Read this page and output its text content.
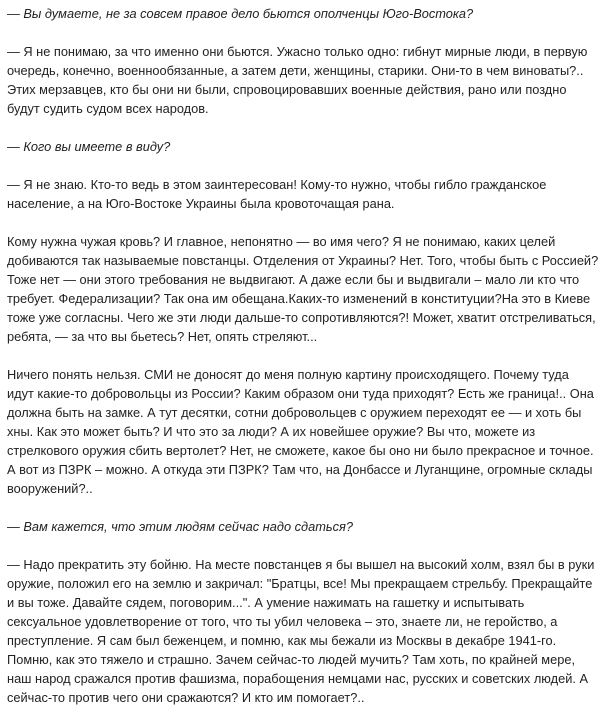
— Вы думаете, не за совсем правое дело бьются ополченцы Юго-Востока?

— Я не понимаю, за что именно они бьются. Ужасно только одно: гибнут мирные люди, в первую очередь, конечно, военнообязанные, а затем дети, женщины, старики. Они-то в чем виноваты?.. Этих мерзавцев, кто бы они ни были, спровоцировавших военные действия, рано или поздно будут судить судом всех народов.

— Кого вы имеете в виду?

— Я не знаю. Кто-то ведь в этом заинтересован! Кому-то нужно, чтобы гибло гражданское население, а на Юго-Востоке Украины была кровоточащая рана.

Кому нужна чужая кровь? И главное, непонятно — во имя чего? Я не понимаю, каких целей добиваются так называемые повстанцы. Отделения от Украины? Нет. Того, чтобы быть с Россией? Тоже нет — они этого требования не выдвигают. А даже если бы и выдвигали – мало ли кто что требует. Федерализации? Так она им обещана.Каких-то изменений в конституции?На это в Киеве тоже уже согласны. Чего же эти люди дальше-то сопротивляются?! Может, хватит отстреливаться, ребята, — за что вы бьетесь? Нет, опять стреляют...

Ничего понять нельзя. СМИ не доносят до меня полную картину происходящего. Почему туда идут какие-то добровольцы из России? Каким образом они туда приходят? Есть же граница!.. Она должна быть на замке. А тут десятки, сотни добровольцев с оружием переходят ее — и хоть бы хны. Как это может быть? И что это за люди? А их новейшее оружие? Вы что, можете из стрелкового оружия сбить вертолет? Нет, не сможете, какое бы оно ни было прекрасное и точное. А вот из ПЗРК – можно. А откуда эти ПЗРК? Там что, на Донбассе и Луганщине, огромные склады вооружений?..

— Вам кажется, что этим людям сейчас надо сдаться?

— Надо прекратить эту бойню. На месте повстанцев я бы вышел на высокий холм, взял бы в руки оружие, положил его на землю и закричал: "Братцы, все! Мы прекращаем стрельбу. Прекращайте и вы тоже. Давайте сядем, поговорим...". А умение нажимать на гашетку и испытывать сексуальное удовлетворение от того, что ты убил человека – это, знаете ли, не геройство, а преступление. Я сам был беженцем, и помню, как мы бежали из Москвы в декабре 1941-го. Помню, как это тяжело и страшно. Зачем сейчас-то людей мучить? Там хоть, по крайней мере, наш народ сражался против фашизма, порабощения немцами нас, русских и советских людей. А сейчас-то против чего они сражаются? И кто им помогает?..
